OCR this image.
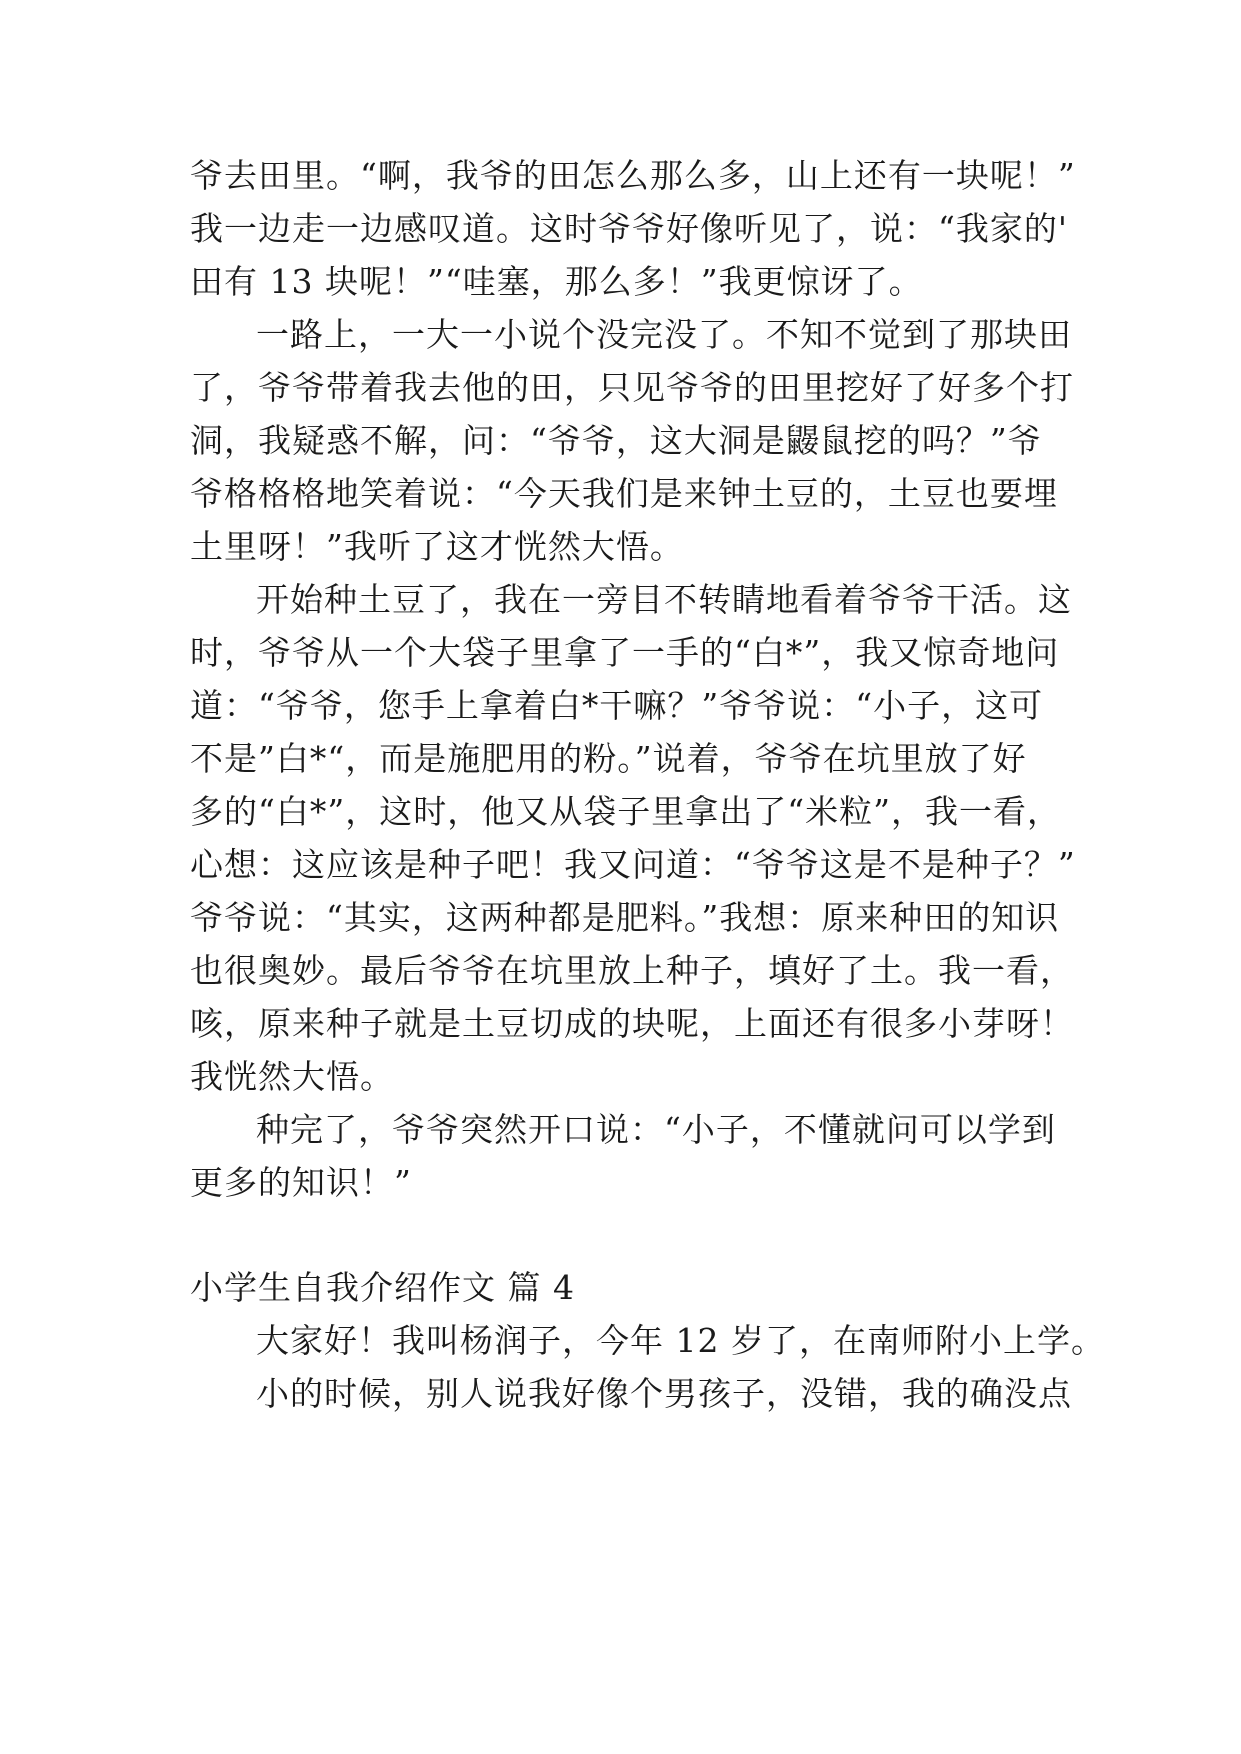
爷去田里。“啊，我爷的田怎么那么多，山上还有一块呢！”
我一边走一边感叹道。这时爷爷好像听见了，说：“我家的'
田有 13 块呢！”“哇塞，那么多！”我更惊讶了。
一路上，一大一小说个没完没了。不知不觉到了那块田
了，爷爷带着我去他的田，只见爷爷的田里挖好了好多个打
洞，我疑惑不解，问：“爷爷，这大洞是鼹鼠挖的吗？”爷
爷格格格地笑着说：“今天我们是来钟土豆的，土豆也要埋
土里呀！”我听了这才恍然大悟。
开始种土豆了，我在一旁目不转睛地看着爷爷干活。这
时，爷爷从一个大袋子里拿了一手的“白*”，我又惊奇地问
道：“爷爷，您手上拿着白*干嘛？”爷爷说：“小子，这可
不是”白*“，而是施肥用的粉。”说着，爷爷在坑里放了好
多的“白*”，这时，他又从袋子里拿出了“米粒”，我一看，
心想：这应该是种子吧！我又问道：“爷爷这是不是种子？”
爷爷说：“其实，这两种都是肥料。”我想：原来种田的知识
也很奥妙。最后爷爷在坑里放上种子，填好了土。我一看，
咳，原来种子就是土豆切成的块呢，上面还有很多小芽呀！
我恍然大悟。
种完了，爷爷突然开口说：“小子，不懂就问可以学到
更多的知识！”
小学生自我介绍作文 篇 4
大家好！我叫杨润子，今年 12 岁了，在南师附小上学。
小的时候，别人说我好像个男孩子，没错，我的确没点
